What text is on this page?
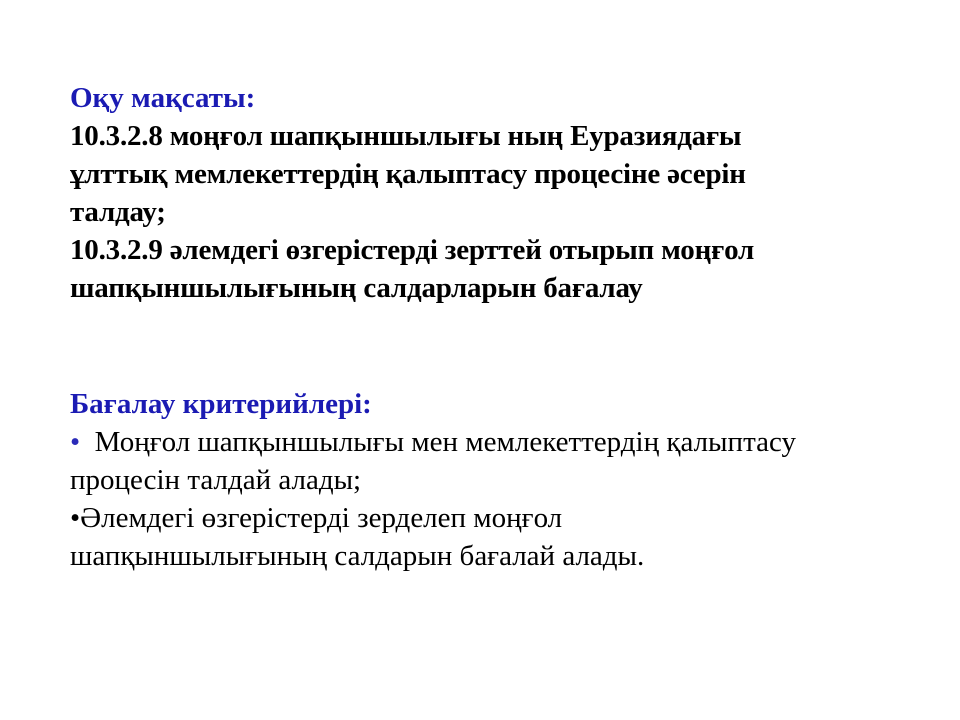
Оқу мақсаты:
10.3.2.8 моңғол шапқыншылығы ның Еуразиядағы
ұлттық мемлекеттердің қалыптасу процесіне әсерін
талдау;
10.3.2.9 әлемдегі өзгерістерді зерттей отырып моңғол
шапқыншылығының салдарларын бағалау
Бағалау критерийлері:
•  Моңғол шапқыншылығы мен мемлекеттердің қалыптасу
процесін талдай алады;
•Әлемдегі өзгерістерді зерделеп моңғол
шапқыншылығының салдарын бағалай алады.
